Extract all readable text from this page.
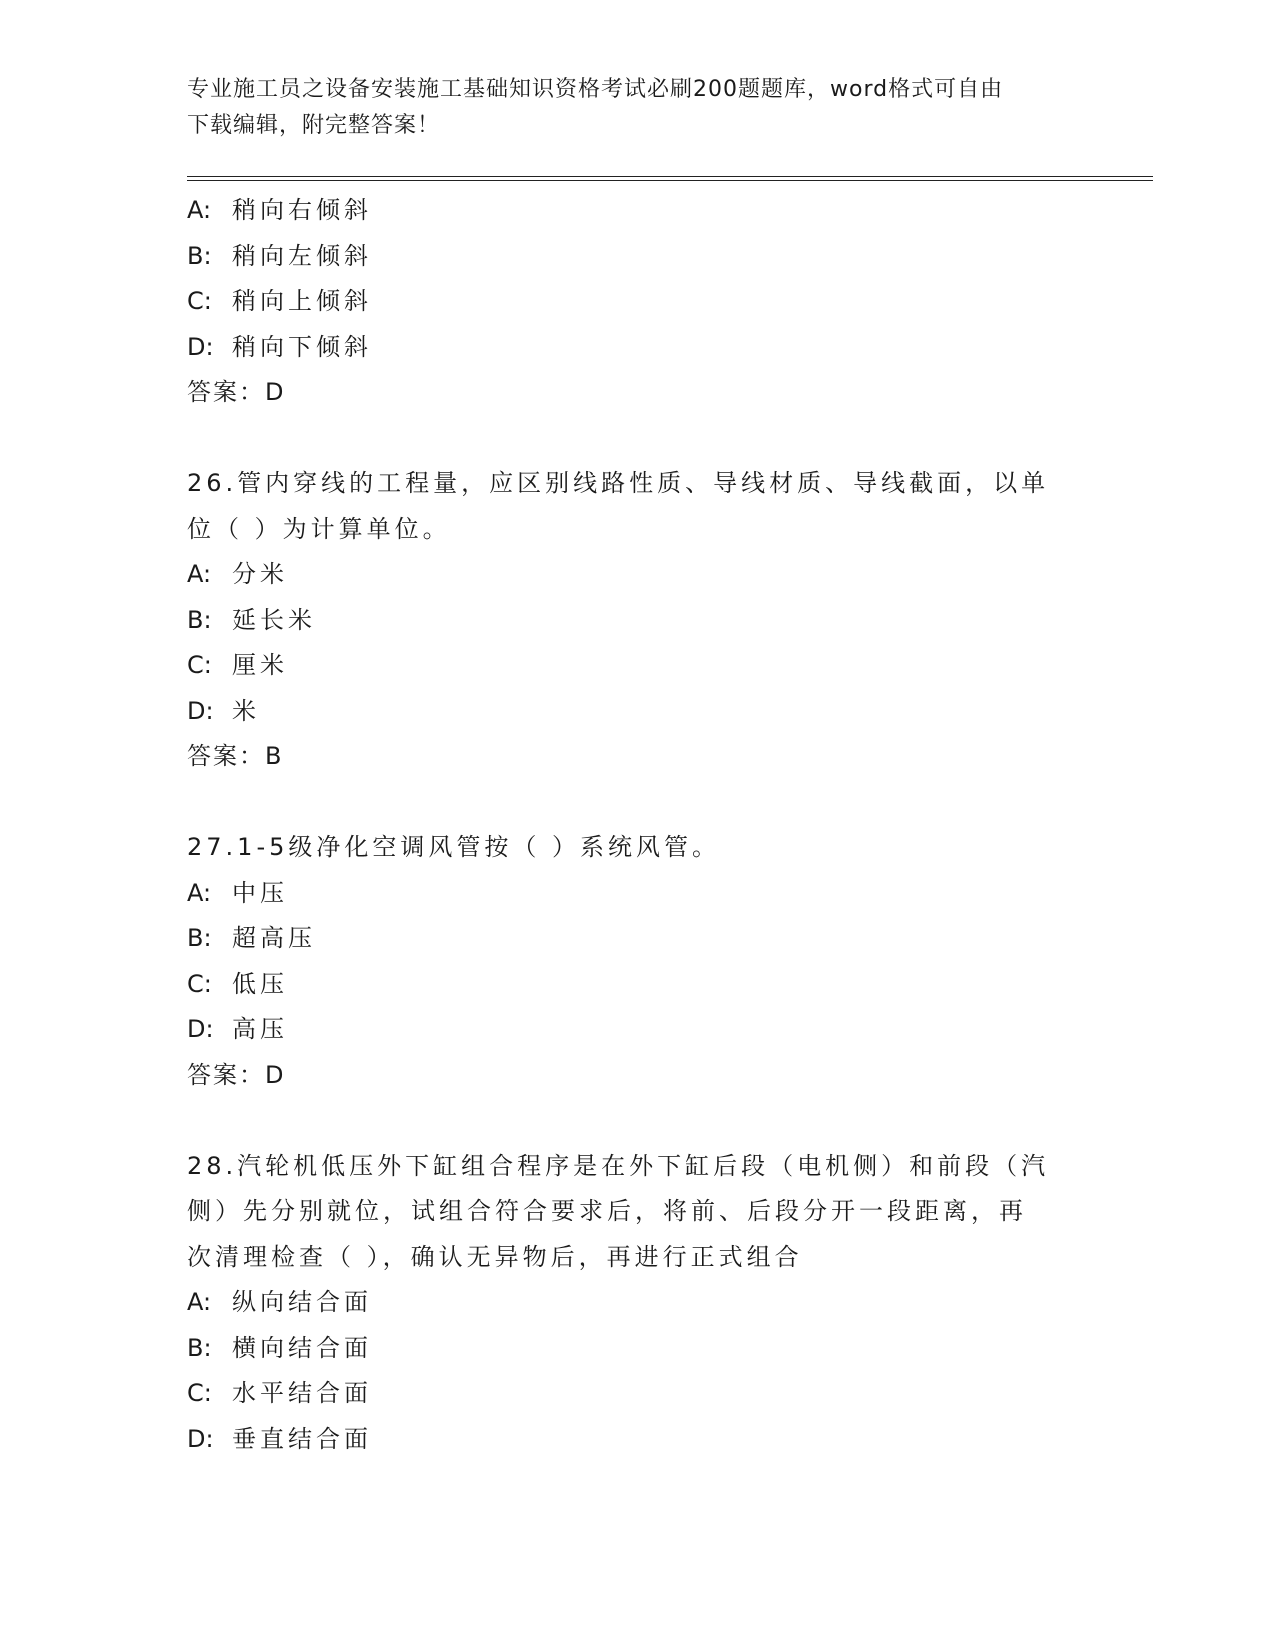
专业施工员之设备安装施工基础知识资格考试必刷200题题库，word格式可自由
下载编辑，附完整答案！
A: 稍向右倾斜
B: 稍向左倾斜
C: 稍向上倾斜
D: 稍向下倾斜
答案：D
26.管内穿线的工程量，应区别线路性质、导线材质、导线截面，以单
位（ ）为计算单位。
A: 分米
B: 延长米
C: 厘米
D: 米
答案：B
27.1-5级净化空调风管按（ ）系统风管。
A: 中压
B: 超高压
C: 低压
D: 高压
答案：D
28.汽轮机低压外下缸组合程序是在外下缸后段（电机侧）和前段（汽
侧）先分别就位，试组合符合要求后，将前、后段分开一段距离，再
次清理检查（ ），确认无异物后，再进行正式组合
A: 纵向结合面
B: 横向结合面
C: 水平结合面
D: 垂直结合面
